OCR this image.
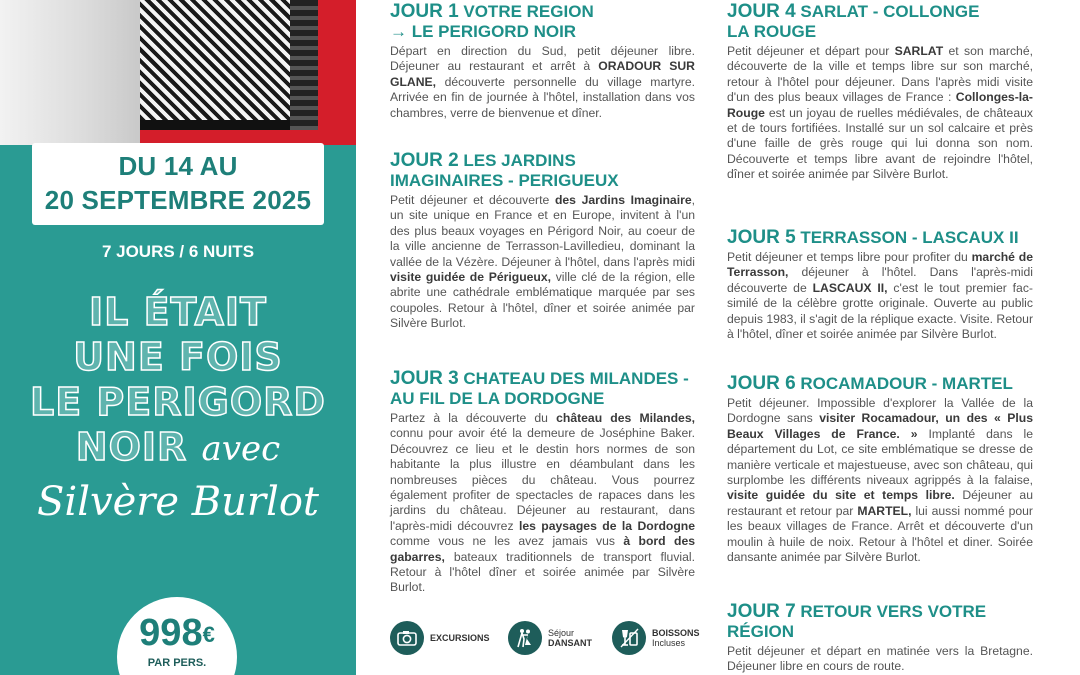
DU 14 AU
20 SEPTEMBRE 2025
7 JOURS / 6 NUITS
IL ÉTAIT
UNE FOIS
LE PERIGORD
NOIR avec
Silvère Burlot
998€
PAR PERS.
JOUR 1 VOTRE REGION
→ LE PERIGORD NOIR
Départ en direction du Sud, petit déjeuner libre. Déjeuner au restaurant et arrêt à ORADOUR SUR GLANE, découverte personnelle du village martyre. Arrivée en fin de journée à l'hôtel, installation dans vos chambres, verre de bienvenue et dîner.
JOUR 2 LES JARDINS
IMAGINAIRES - PERIGUEUX
Petit déjeuner et découverte des Jardins Imaginaire, un site unique en France et en Europe, invitent à l'un des plus beaux voyages en Périgord Noir, au coeur de la ville ancienne de Terrasson-Lavilledieu, dominant la vallée de la Vézère. Déjeuner à l'hôtel, dans l'après midi visite guidée de Périgueux, ville clé de la région, elle abrite une cathédrale emblématique marquée par ses coupoles. Retour à l'hôtel, dîner et soirée animée par Silvère Burlot.
JOUR 3 CHATEAU DES MILANDES -
AU FIL DE LA DORDOGNE
Partez à la découverte du château des Milandes, connu pour avoir été la demeure de Joséphine Baker. Découvrez ce lieu et le destin hors normes de son habitante la plus illustre en déambulant dans les nombreuses pièces du château. Vous pourrez également profiter de spectacles de rapaces dans les jardins du château. Déjeuner au restaurant, dans l'après-midi découvrez les paysages de la Dordogne comme vous ne les avez jamais vus à bord des gabarres, bateaux traditionnels de transport fluvial. Retour à l'hôtel dîner et soirée animée par Silvère Burlot.
JOUR 4 SARLAT - COLLONGE
LA ROUGE
Petit déjeuner et départ pour SARLAT et son marché, découverte de la ville et temps libre sur son marché, retour à l'hôtel pour déjeuner. Dans l'après midi visite d'un des plus beaux villages de France : Collonges-la-Rouge est un joyau de ruelles médiévales, de châteaux et de tours fortifiées. Installé sur un sol calcaire et près d'une faille de grès rouge qui lui donna son nom. Découverte et temps libre avant de rejoindre l'hôtel, dîner et soirée animée par Silvère Burlot.
JOUR 5 TERRASSON - LASCAUX II
Petit déjeuner et temps libre pour profiter du marché de Terrasson, déjeuner à l'hôtel. Dans l'après-midi découverte de LASCAUX II, c'est le tout premier fac-similé de la célèbre grotte originale. Ouverte au public depuis 1983, il s'agit de la réplique exacte. Visite. Retour à l'hôtel, dîner et soirée animée par Silvère Burlot.
JOUR 6 ROCAMADOUR - MARTEL
Petit déjeuner. Impossible d'explorer la Vallée de la Dordogne sans visiter Rocamadour, un des « Plus Beaux Villages de France. » Implanté dans le département du Lot, ce site emblématique se dresse de manière verticale et majestueuse, avec son château, qui surplombe les différents niveaux agrippés à la falaise, visite guidée du site et temps libre. Déjeuner au restaurant et retour par MARTEL, lui aussi nommé pour les beaux villages de France. Arrêt et découverte d'un moulin à huile de noix. Retour à l'hôtel et diner. Soirée dansante animée par Silvère Burlot.
JOUR 7 RETOUR VERS VOTRE RÉGION
Petit déjeuner et départ en matinée vers la Bretagne. Déjeuner libre en cours de route.
EXCURSIONS	Séjour
DANSANT
BOISSONS
Incluses
